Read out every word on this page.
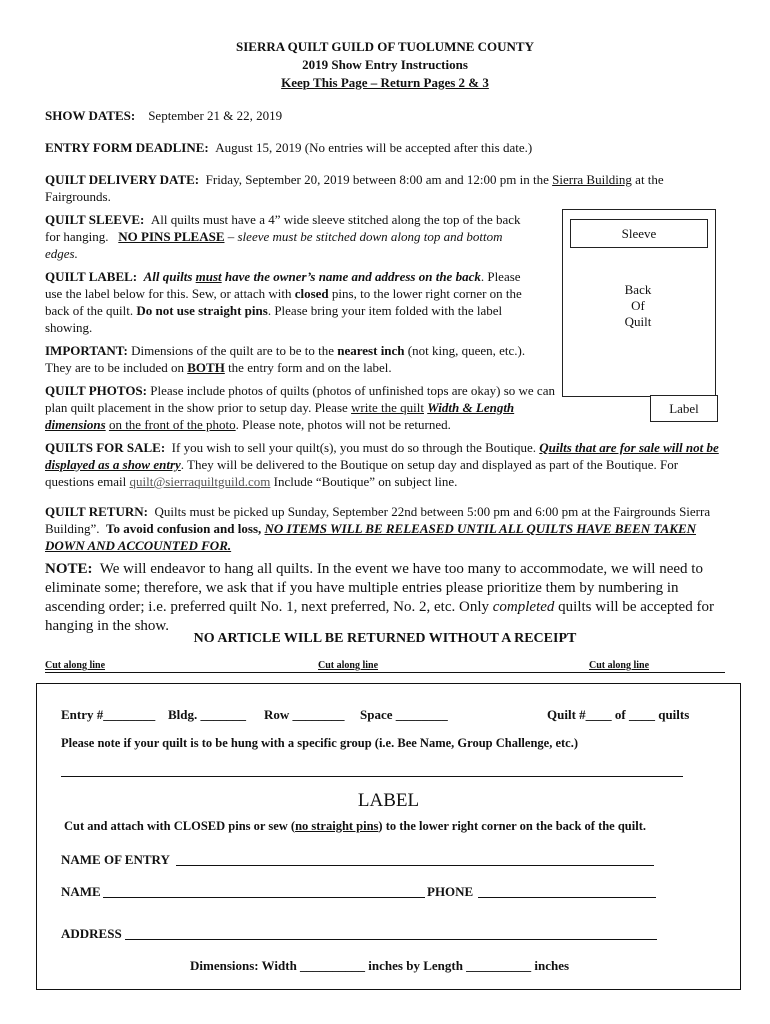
SIERRA QUILT GUILD OF TUOLUMNE COUNTY
2019 Show Entry Instructions
Keep This Page – Return Pages 2 & 3
SHOW DATES: September 21 & 22, 2019
ENTRY FORM DEADLINE: August 15, 2019 (No entries will be accepted after this date.)
QUILT DELIVERY DATE: Friday, September 20, 2019 between 8:00 am and 12:00 pm in the Sierra Building at the Fairgrounds.
QUILT SLEEVE: All quilts must have a 4” wide sleeve stitched along the top of the back for hanging. NO PINS PLEASE – sleeve must be stitched down along top and bottom edges.
QUILT LABEL: All quilts must have the owner’s name and address on the back. Please use the label below for this. Sew, or attach with closed pins, to the lower right corner on the back of the quilt. Do not use straight pins. Please bring your item folded with the label showing.
IMPORTANT: Dimensions of the quilt are to be to the nearest inch (not king, queen, etc.). They are to be included on BOTH the entry form and on the label.
QUILT PHOTOS: Please include photos of quilts (photos of unfinished tops are okay) so we can plan quilt placement in the show prior to setup day. Please write the quilt Width & Length dimensions on the front of the photo. Please note, photos will not be returned.
Sleeve
Back
Of
Quilt
Label
QUILTS FOR SALE: If you wish to sell your quilt(s), you must do so through the Boutique. Quilts that are for sale will not be displayed as a show entry. They will be delivered to the Boutique on setup day and displayed as part of the Boutique. For questions email quilt@sierraquiltguild.com Include “Boutique” on subject line.
QUILT RETURN: Quilts must be picked up Sunday, September 22nd between 5:00 pm and 6:00 pm at the Fairgrounds Sierra Building”. To avoid confusion and loss, NO ITEMS WILL BE RELEASED UNTIL ALL QUILTS HAVE BEEN TAKEN DOWN AND ACCOUNTED FOR.
NOTE: We will endeavor to hang all quilts. In the event we have too many to accommodate, we will need to eliminate some; therefore, we ask that if you have multiple entries please prioritize them by numbering in ascending order; i.e. preferred quilt No. 1, next preferred, No. 2, etc. Only completed quilts will be accepted for hanging in the show.
NO ARTICLE WILL BE RETURNED WITHOUT A RECEIPT
Cut along line	Cut along line	Cut along line
Entry #________ Bldg. _______ Row ________ Space ________	Quilt #____ of ____ quilts
Please note if your quilt is to be hung with a specific group (i.e. Bee Name, Group Challenge, etc.)
LABEL
Cut and attach with CLOSED pins or sew (no straight pins) to the lower right corner on the back of the quilt.
NAME OF ENTRY
NAME	PHONE
ADDRESS
Dimensions: Width __________ inches by Length __________ inches
